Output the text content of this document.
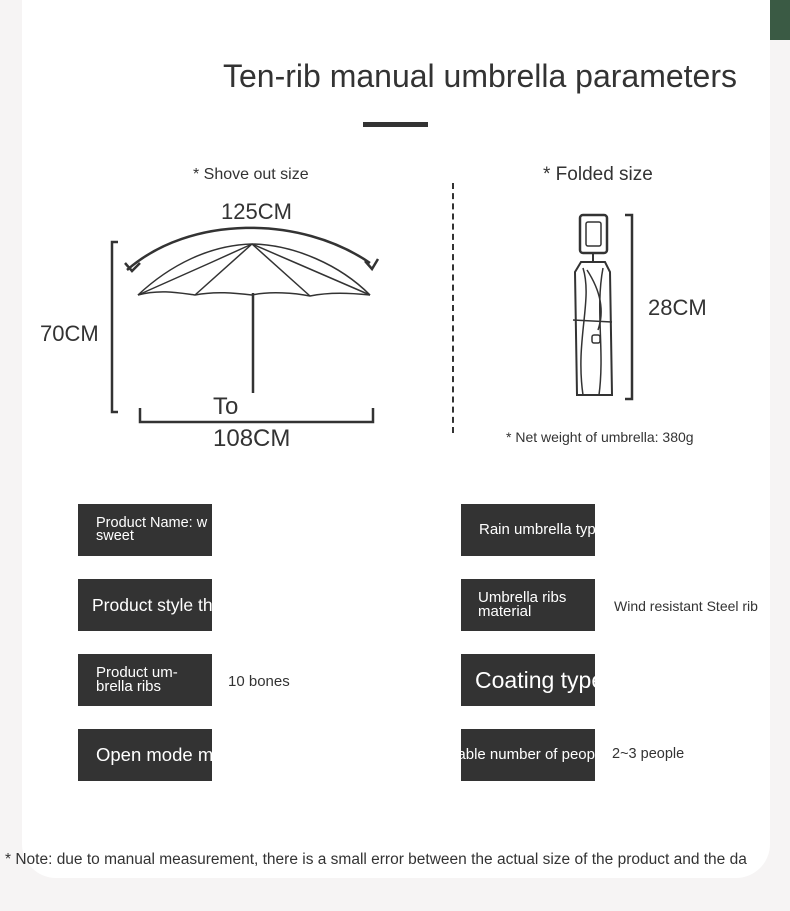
Ten-rib manual umbrella parameters
* Shove out size
125CM
70CM
To
108CM
* Folded size
28CM
* Net weight of umbrella: 380g
Product Name: w
sweet
Product style th
Product um-brella ribs	10 bones
Open mode m
Rain umbrella type
Umbrella ribs material	Wind resistant Steel rib
Coating type
Suitable number of peop 2~3 people
* Note: due to manual measurement, there is a small error between the actual size of the product and the da
